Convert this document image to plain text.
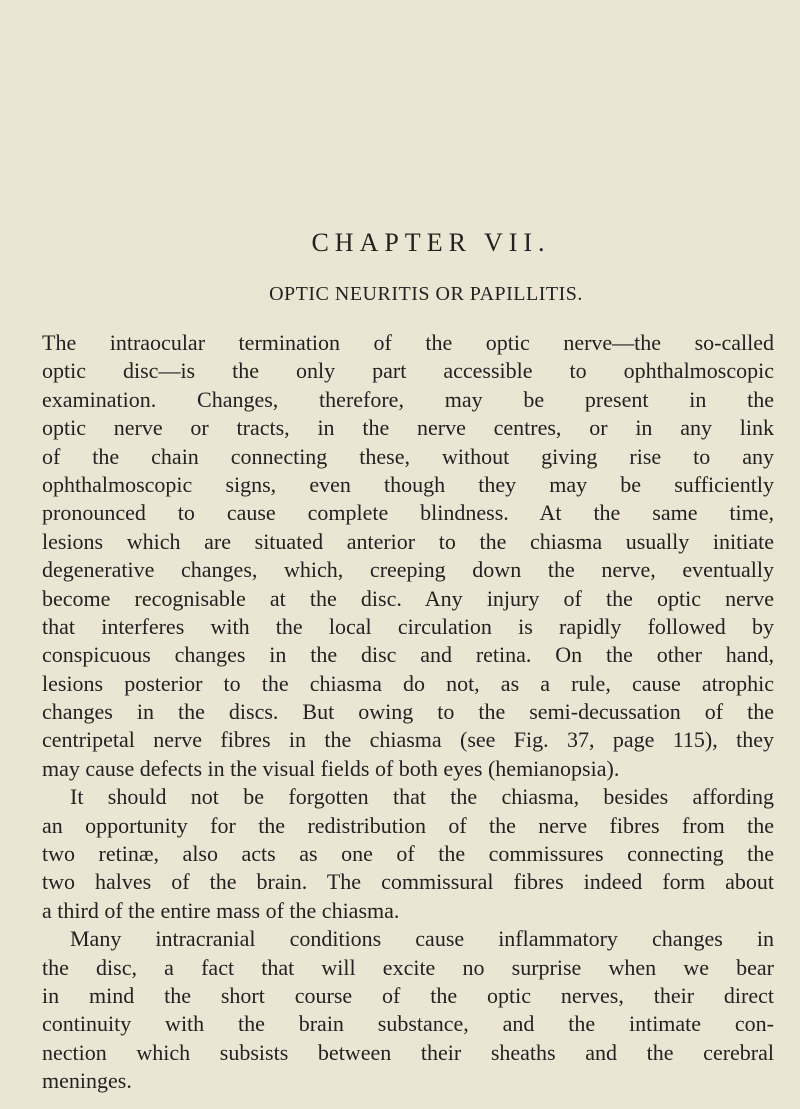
CHAPTER VII.
OPTIC NEURITIS OR PAPILLITIS.
The intraocular termination of the optic nerve—the so-called
optic disc—is the only part accessible to ophthalmoscopic
examination. Changes, therefore, may be present in the
optic nerve or tracts, in the nerve centres, or in any link
of the chain connecting these, without giving rise to any
ophthalmoscopic signs, even though they may be sufficiently
pronounced to cause complete blindness. At the same time,
lesions which are situated anterior to the chiasma usually initiate
degenerative changes, which, creeping down the nerve, eventually
become recognisable at the disc. Any injury of the optic nerve
that interferes with the local circulation is rapidly followed by
conspicuous changes in the disc and retina. On the other hand,
lesions posterior to the chiasma do not, as a rule, cause atrophic
changes in the discs. But owing to the semi-decussation of the
centripetal nerve fibres in the chiasma (see Fig. 37, page 115), they
may cause defects in the visual fields of both eyes (hemianopsia).
It should not be forgotten that the chiasma, besides affording
an opportunity for the redistribution of the nerve fibres from the
two retinæ, also acts as one of the commissures connecting the
two halves of the brain. The commissural fibres indeed form about
a third of the entire mass of the chiasma.
Many intracranial conditions cause inflammatory changes in
the disc, a fact that will excite no surprise when we bear
in mind the short course of the optic nerves, their direct
continuity with the brain substance, and the intimate con-
nection which subsists between their sheaths and the cerebral
meninges.
